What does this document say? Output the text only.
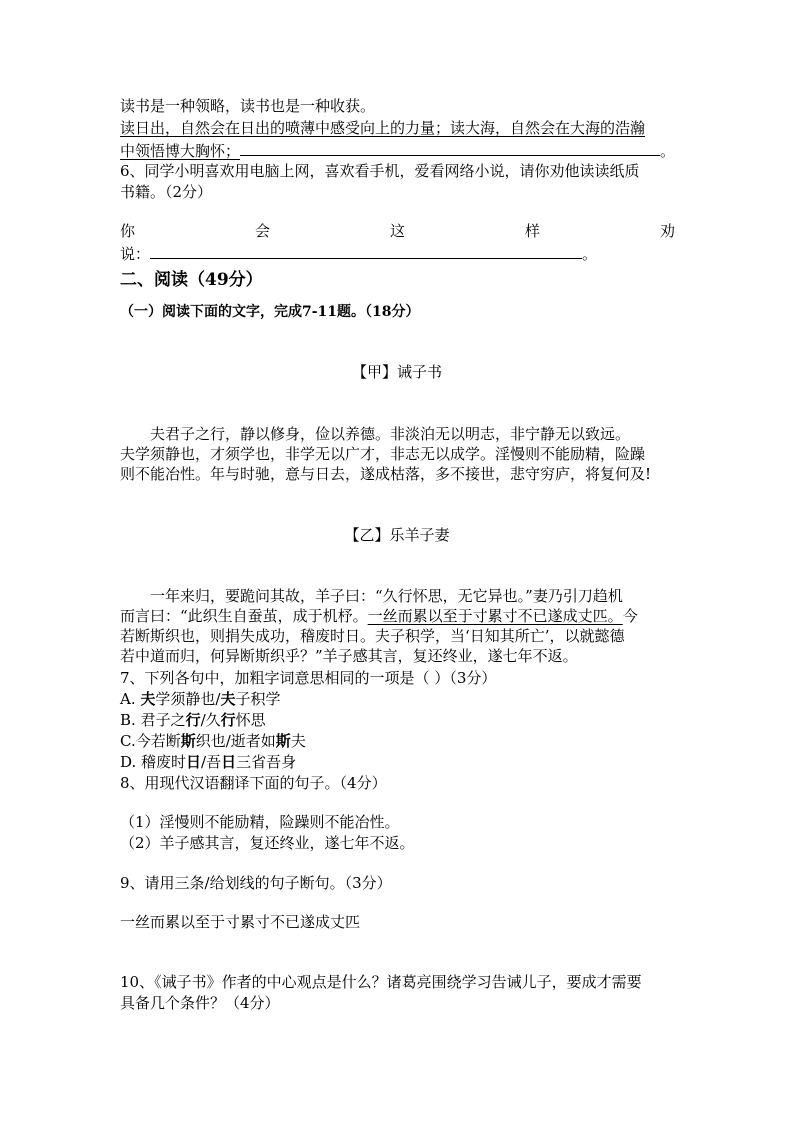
读书是一种领略，读书也是一种收获。
读日出，自然会在日出的喷薄中感受向上的力量；读大海，自然会在大海的浩瀚
中领悟博大胸怀；	。
6、同学小明喜欢用电脑上网，喜欢看手机，爱看网络小说，请你劝他读读纸质
书籍。（2分）
你	会	这	样	劝
说：	。
二、阅读（49分）
（一）阅读下面的文字，完成7-11题。（18分）
【甲】诫子书
夫君子之行，静以修身，俭以养德。非淡泊无以明志，非宁静无以致远。
夫学须静也，才须学也，非学无以广才，非志无以成学。淫慢则不能励精，险躁
则不能冶性。年与时驰，意与日去，遂成枯落，多不接世，悲守穷庐，将复何及!
【乙】乐羊子妻
一年来归，要跪问其故，羊子曰：“久行怀思，无它异也。”妻乃引刀趋机
而言曰：“此织生自蚕茧，成于机杼。一丝而累以至于寸累寸不已遂成丈匹。今
若断斯织也，则捐失成功，稽废时日。夫子积学，当‘日知其所亡’，以就懿德
若中道而归，何异断斯织乎？”羊子感其言，复还终业，遂七年不返。
7、下列各句中，加粗字词意思相同的一项是（ ）（3分）
A. 夫学须静也/夫子积学
B. 君子之行/久行怀思
C.今若断斯织也/逝者如斯夫
D. 稽废时日/吾日三省吾身
8、用现代汉语翻译下面的句子。（4分）
（1）淫慢则不能励精，险躁则不能冶性。
（2）羊子感其言，复还终业，遂七年不返。
9、请用三条/给划线的句子断句。（3分）
一丝而累以至于寸累寸不已遂成丈匹
10、《诫子书》作者的中心观点是什么？诸葛亮围绕学习告诫儿子，要成才需要
具备几个条件？（4分）
